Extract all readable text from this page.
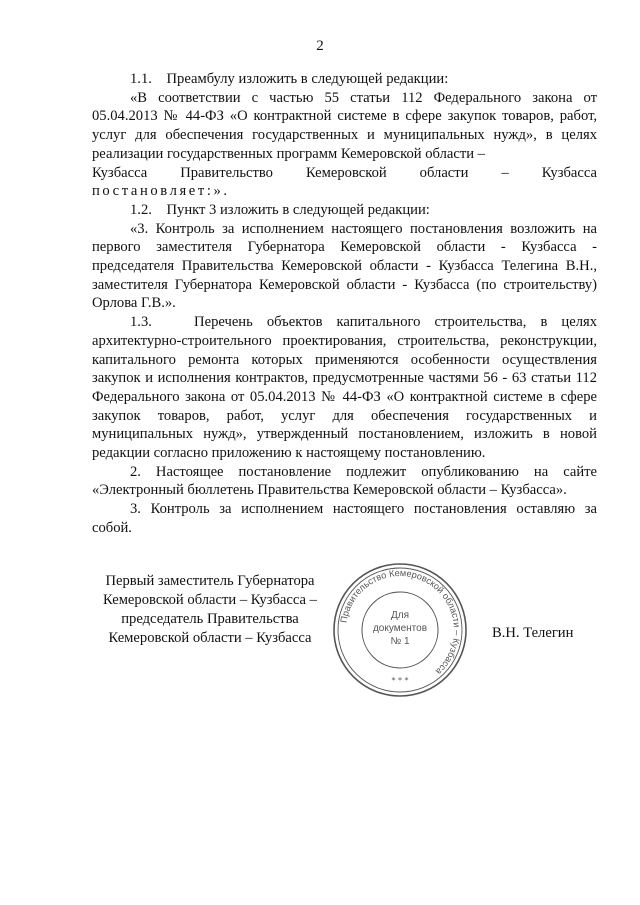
2

1.1.    Преамбулу изложить в следующей редакции:

«В соответствии с частью 55 статьи 112 Федерального закона от 05.04.2013 № 44-ФЗ «О контрактной системе в сфере закупок товаров, работ, услуг для обеспечения государственных и муниципальных нужд», в целях реализации государственных программ Кемеровской области –

Кузбасса   Правительство   Кемеровской   области   –   Кузбасса

постановляет:».

1.2.    Пункт 3 изложить в следующей редакции:

«3. Контроль за исполнением настоящего постановления возложить на первого заместителя Губернатора Кемеровской области - Кузбасса - председателя Правительства Кемеровской области - Кузбасса Телегина В.Н., заместителя Губернатора Кемеровской области - Кузбасса (по строительству) Орлова Г.В.».

1.3.   Перечень объектов капитального строительства, в целях архитектурно-строительного проектирования, строительства, реконструкции, капитального ремонта которых применяются особенности осуществления закупок и исполнения контрактов, предусмотренные частями 56 - 63 статьи 112 Федерального закона от 05.04.2013 № 44-ФЗ «О контрактной системе в сфере закупок товаров, работ, услуг для обеспечения государственных и муниципальных нужд», утвержденный постановлением, изложить в новой редакции согласно приложению к настоящему постановлению.

2. Настоящее постановление подлежит опубликованию на сайте «Электронный бюллетень Правительства Кемеровской области – Кузбасса».

3. Контроль за исполнением настоящего постановления оставляю за собой.

Первый заместитель Губернатора
Кемеровской области – Кузбасса –
председатель Правительства
Кемеровской области – Кузбасса
Правительство Кемеровской области – Кузбасса
* * *
Для
документов
№ 1
В.Н. Телегин
